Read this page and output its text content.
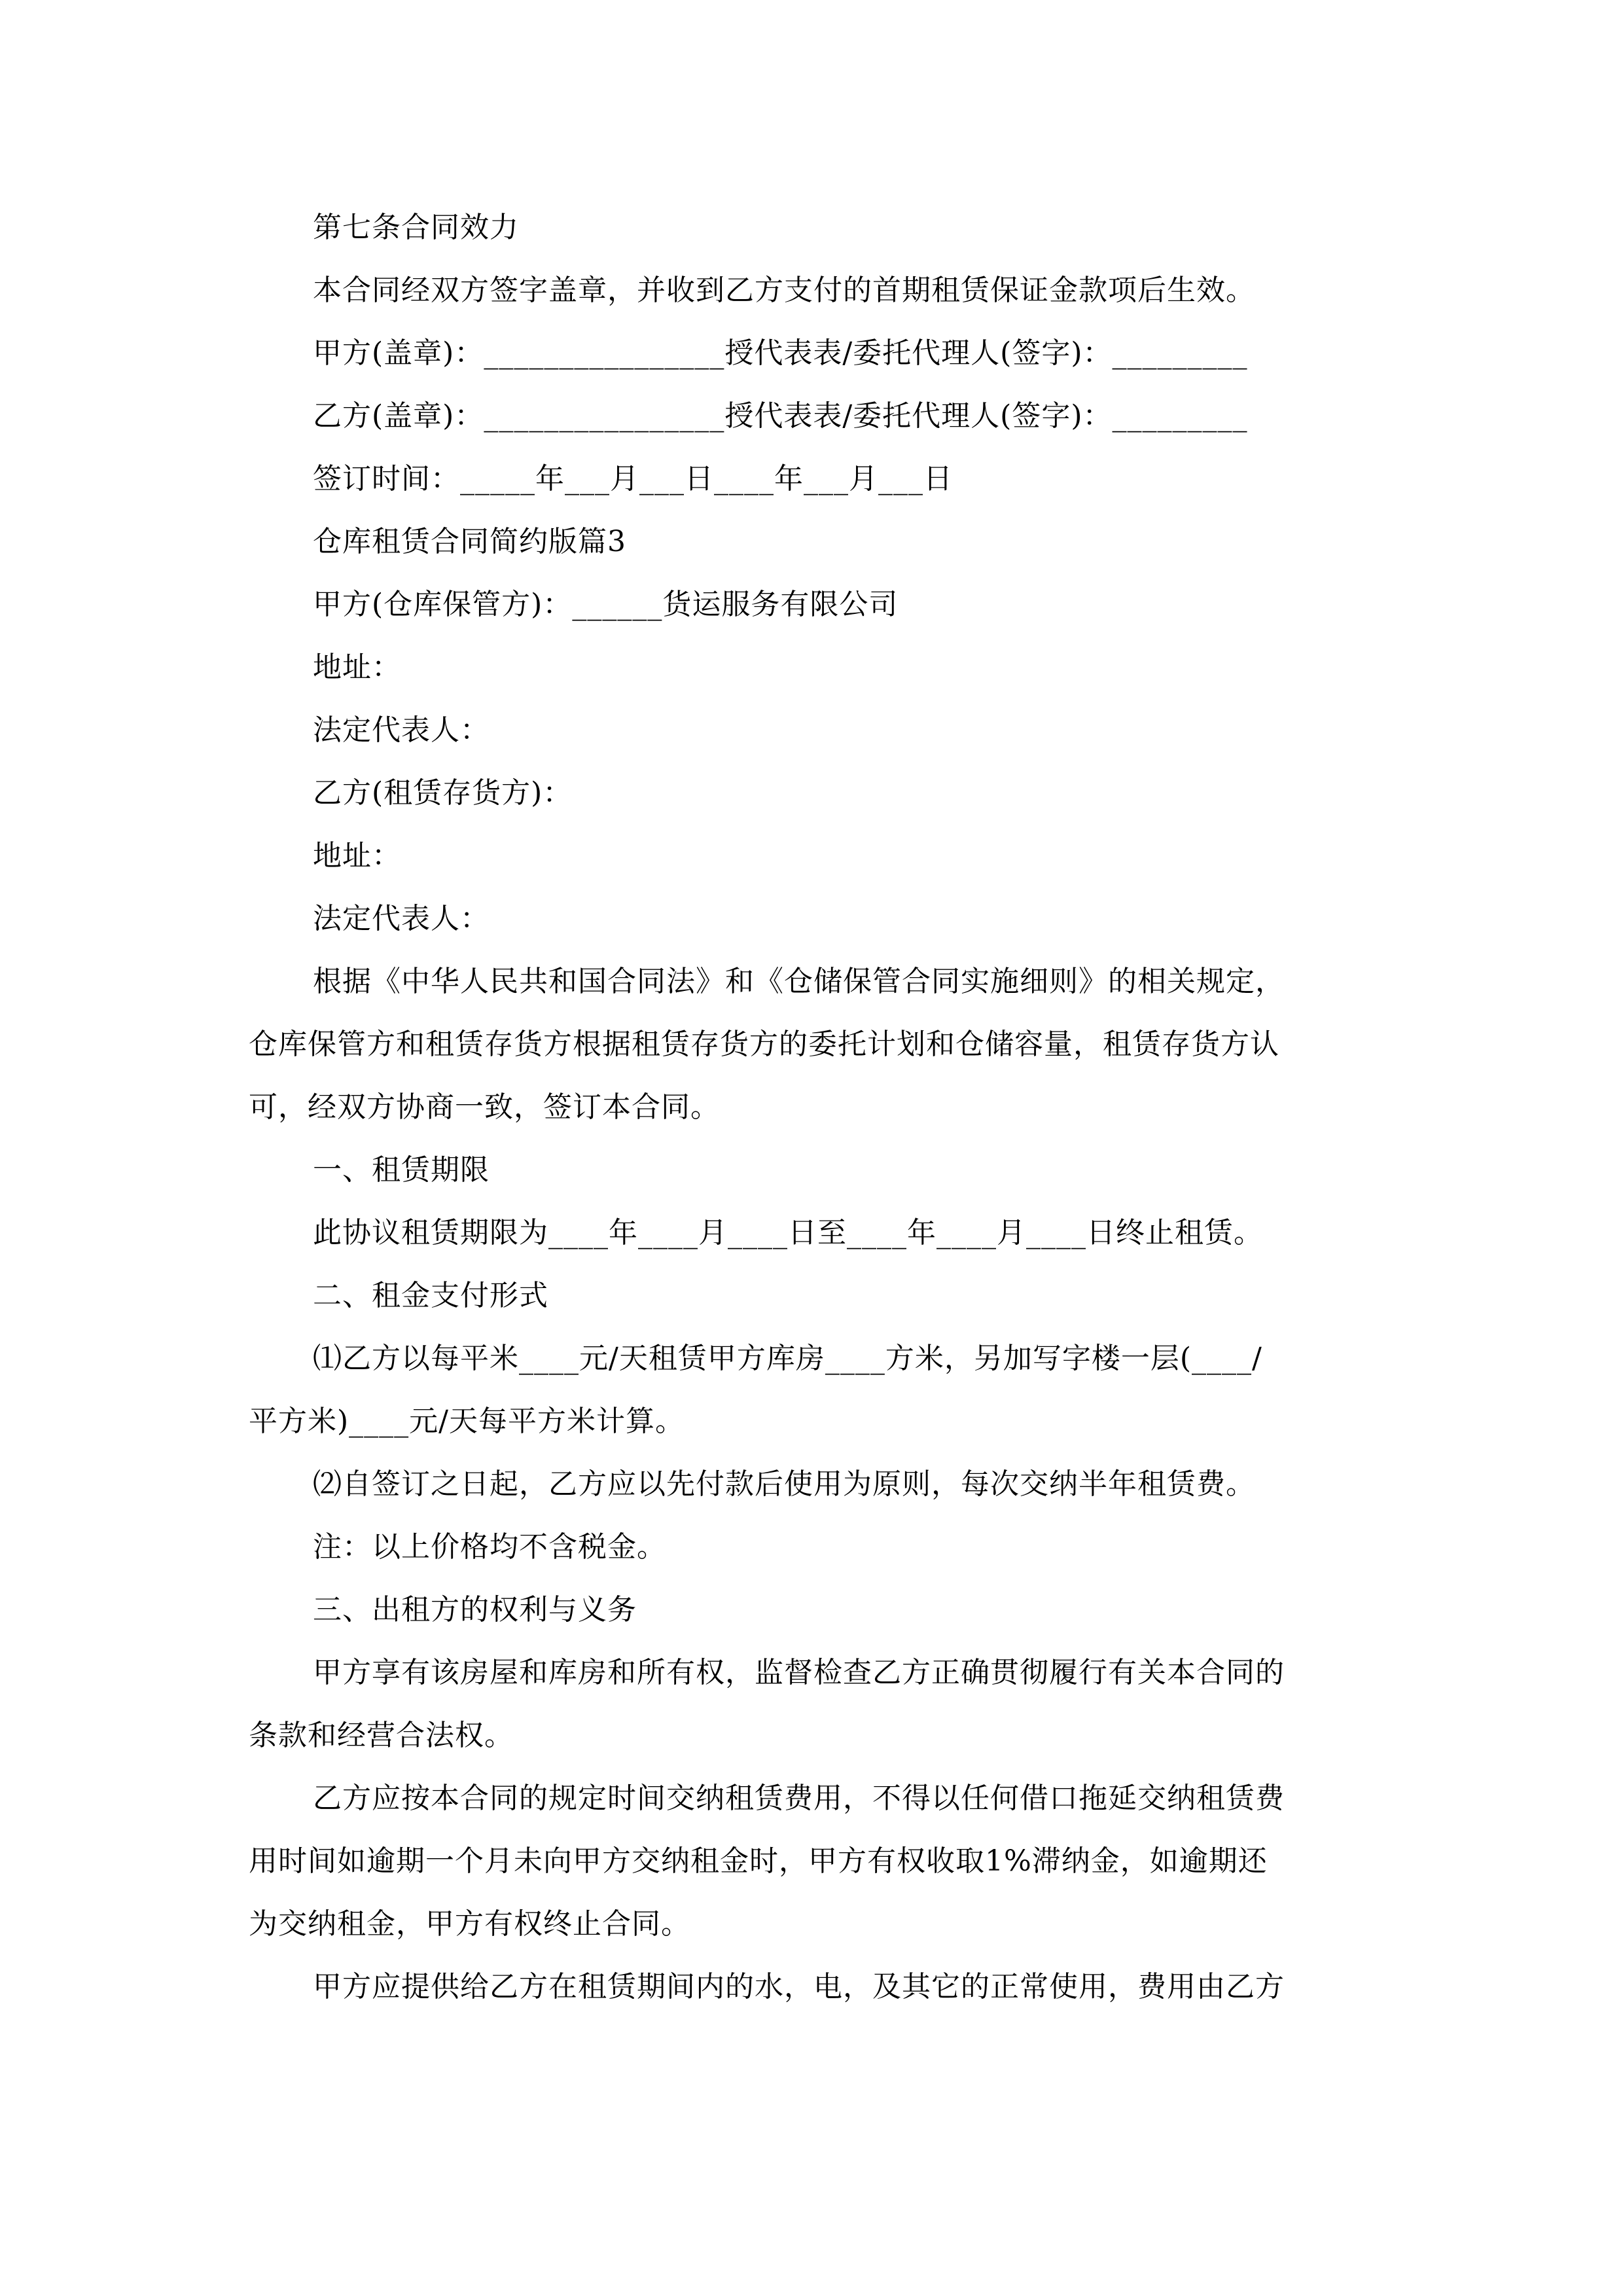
第七条合同效力
本合同经双方签字盖章，并收到乙方支付的首期租赁保证金款项后生效。
甲方(盖章)：________________授代表表/委托代理人(签字)：_________
乙方(盖章)：________________授代表表/委托代理人(签字)：_________
签订时间：_____年___月___日____年___月___日
仓库租赁合同简约版篇3
甲方(仓库保管方)：______货运服务有限公司
地址：
法定代表人：
乙方(租赁存货方)：
地址：
法定代表人：
根据《中华人民共和国合同法》和《仓储保管合同实施细则》的相关规定，
仓库保管方和租赁存货方根据租赁存货方的委托计划和仓储容量，租赁存货方认
可，经双方协商一致，签订本合同。
一、租赁期限
此协议租赁期限为____年____月____日至____年____月____日终止租赁。
二、租金支付形式
⑴乙方以每平米____元/天租赁甲方库房____方米，另加写字楼一层(____/
平方米)____元/天每平方米计算。
⑵自签订之日起，乙方应以先付款后使用为原则，每次交纳半年租赁费。
注：以上价格均不含税金。
三、出租方的权利与义务
甲方享有该房屋和库房和所有权，监督检查乙方正确贯彻履行有关本合同的
条款和经营合法权。
乙方应按本合同的规定时间交纳租赁费用，不得以任何借口拖延交纳租赁费
用时间如逾期一个月未向甲方交纳租金时，甲方有权收取1%滞纳金，如逾期还
为交纳租金，甲方有权终止合同。
甲方应提供给乙方在租赁期间内的水，电，及其它的正常使用，费用由乙方
